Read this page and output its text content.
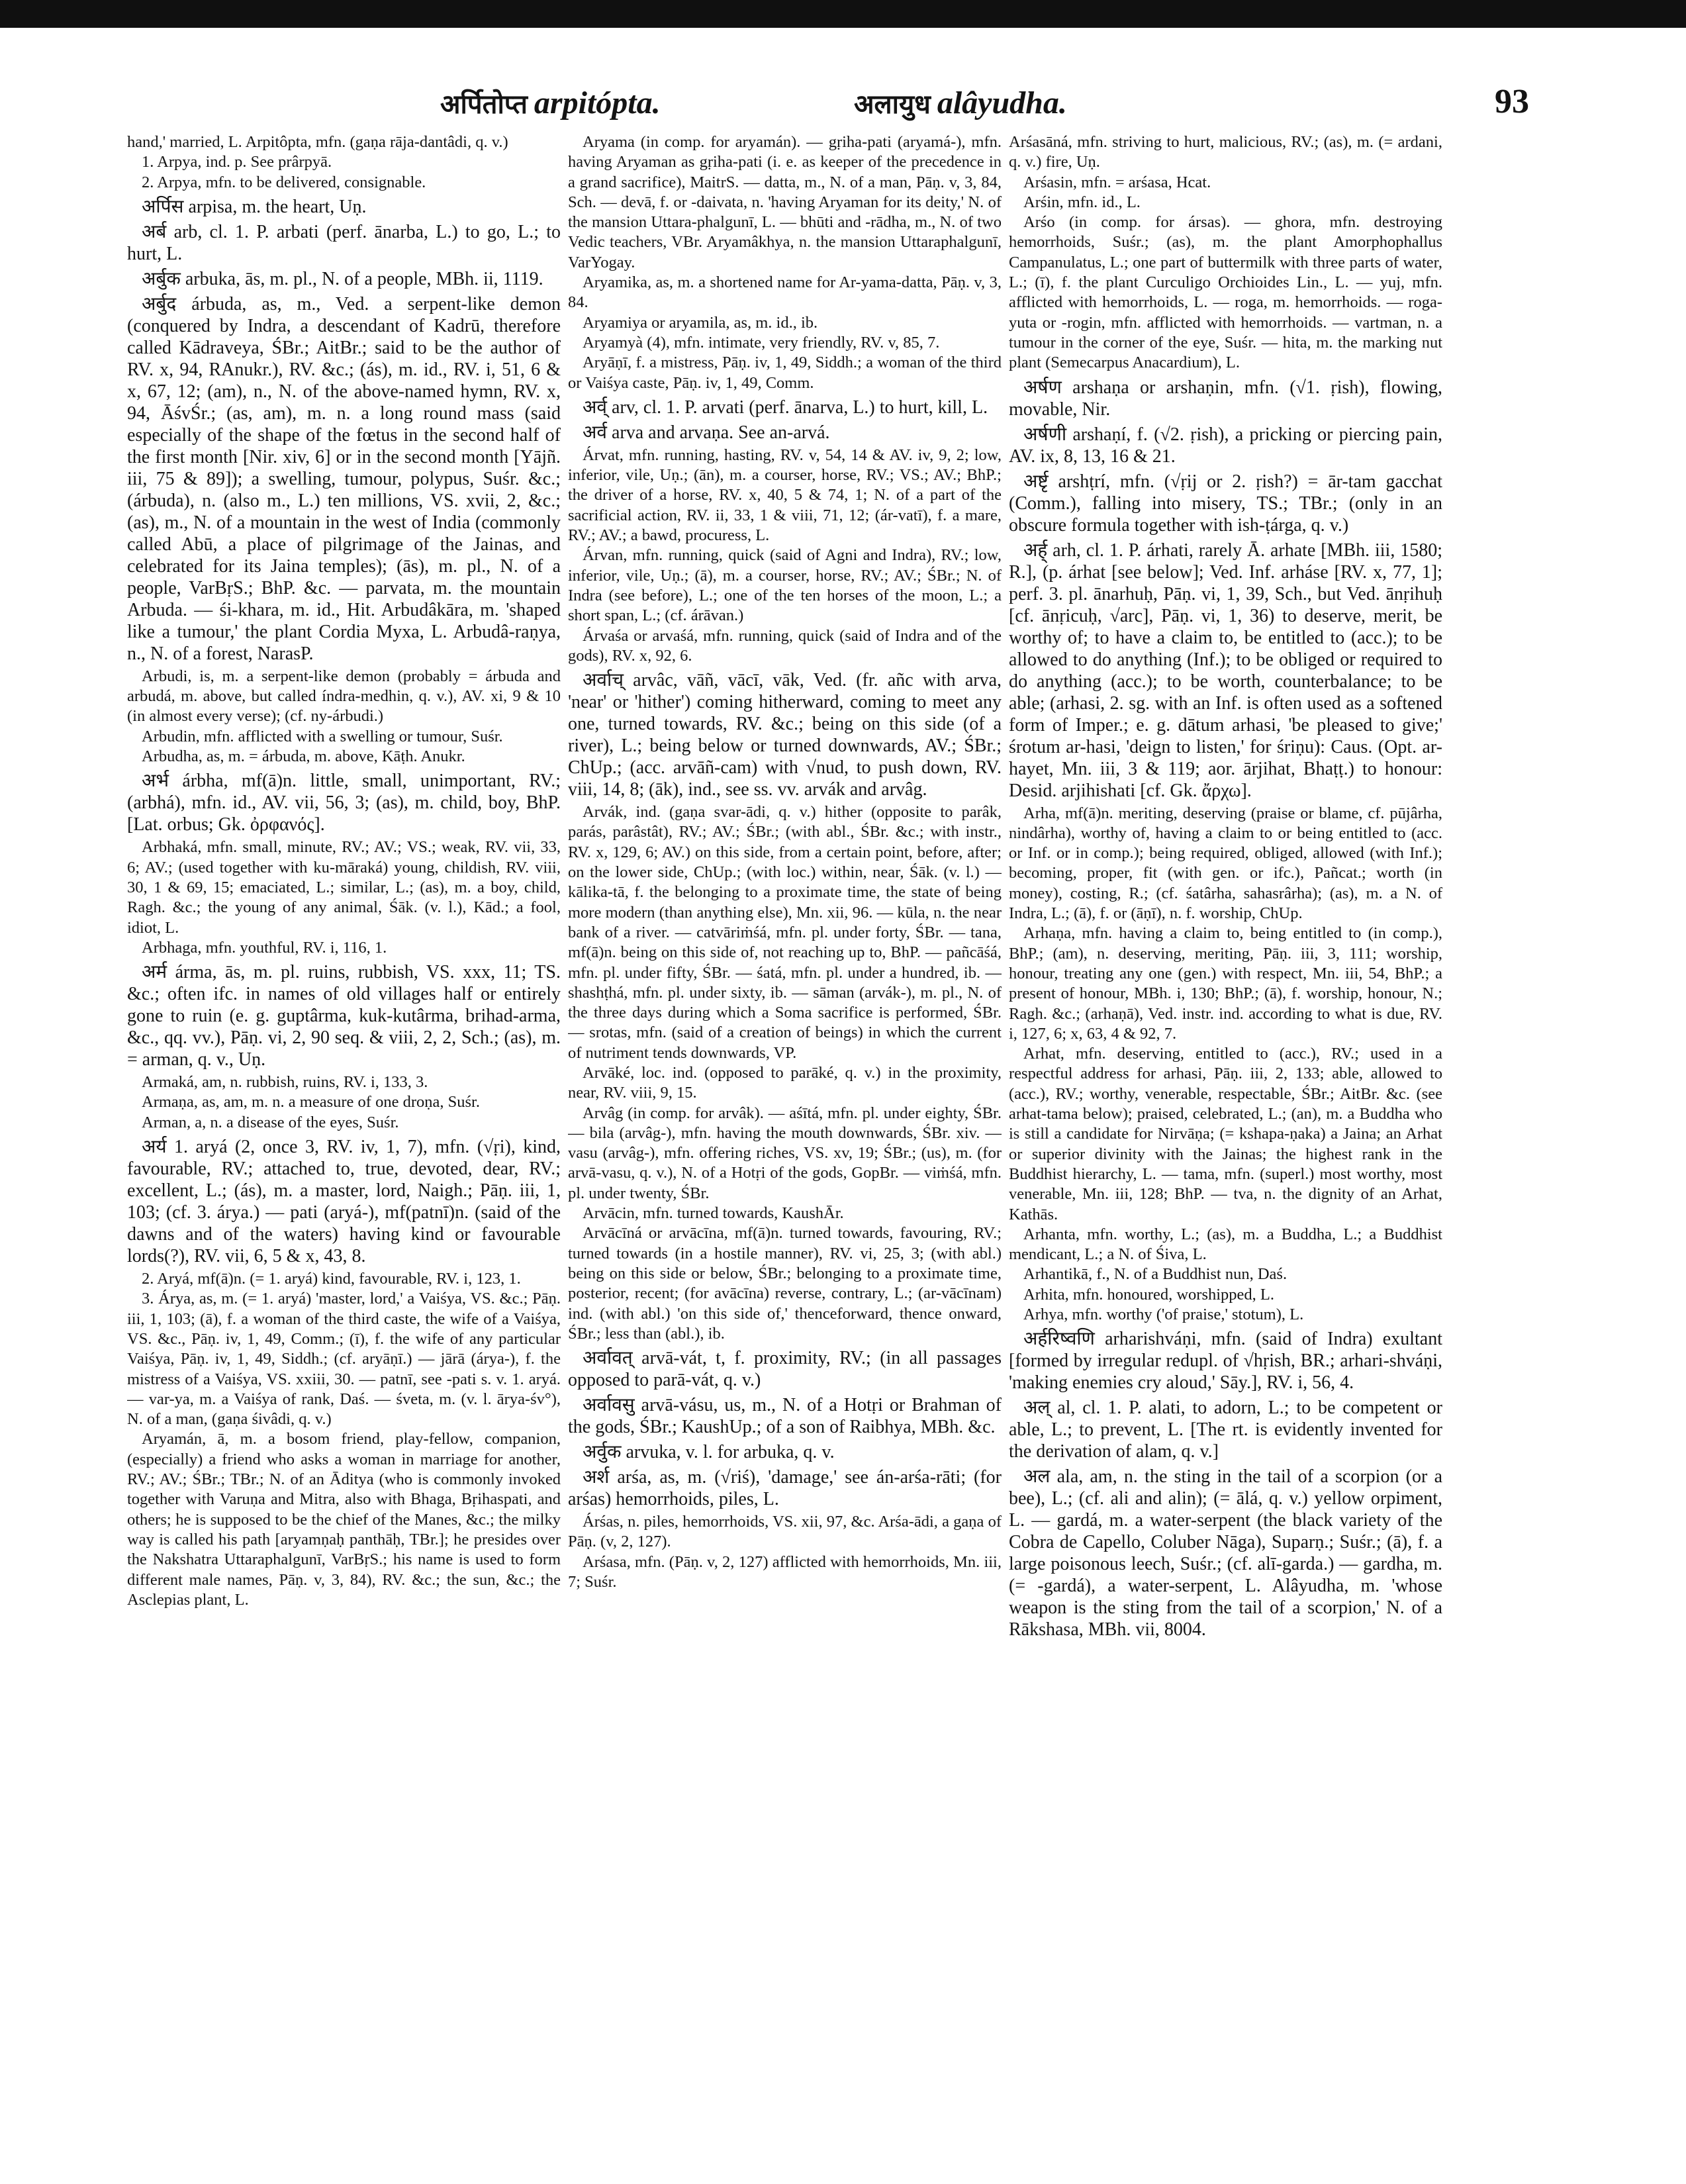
अर्पितोप्त arpitópta.	अलायुध alâyudha.	93

hand,' married, L. Arpitôpta, mfn. (gaṇa rāja-dantâdi, q. v.)

1. Arpya, ind. p. See prârpyā.

2. Arpya, mfn. to be delivered, consignable.

अर्पिस arpisa, m. the heart, Uṇ.

अर्ब arb, cl. 1. P. arbati (perf. ānarba, L.) to go, L.; to hurt, L.

अर्बुक arbuka, ās, m. pl., N. of a people, MBh. ii, 1119.

अर्बुद árbuda, as, m., Ved. a serpent-like demon (conquered by Indra, a descendant of Kadrū, therefore called Kādraveya, ŚBr.; AitBr.; said to be the author of RV. x, 94, RAnukr.), RV. &c.; (ás), m. id., RV. i, 51, 6 & x, 67, 12; (am), n., N. of the above-named hymn, RV. x, 94, ĀśvŚr.; (as, am), m. n. a long round mass (said especially of the shape of the fœtus in the second half of the first month [Nir. xiv, 6] or in the second month [Yājñ. iii, 75 & 89]); a swelling, tumour, polypus, Suśr. &c.; (árbuda), n. (also m., L.) ten millions, VS. xvii, 2, &c.; (as), m., N. of a mountain in the west of India (commonly called Abū, a place of pilgrimage of the Jainas, and celebrated for its Jaina temples); (ās), m. pl., N. of a people, VarBṛS.; BhP. &c. — parvata, m. the mountain Arbuda. — śi-khara, m. id., Hit. Arbudâkāra, m. 'shaped like a tumour,' the plant Cordia Myxa, L. Arbudâ-raṇya, n., N. of a forest, NarasP.

Arbudi, is, m. a serpent-like demon (probably = árbuda and arbudá, m. above, but called índra-medhin, q. v.), AV. xi, 9 & 10 (in almost every verse); (cf. ny-árbudi.)

Arbudin, mfn. afflicted with a swelling or tumour, Suśr.

Arbudha, as, m. = árbuda, m. above, Kāṭh. Anukr.

अर्भ árbha, mf(ā)n. little, small, unimportant, RV.; (arbhá), mfn. id., AV. vii, 56, 3; (as), m. child, boy, BhP. [Lat. orbus; Gk. ὀρφανός].

Arbhaká, mfn. small, minute, RV.; AV.; VS.; weak, RV. vii, 33, 6; AV.; (used together with ku-māraká) young, childish, RV. viii, 30, 1 & 69, 15; emaciated, L.; similar, L.; (as), m. a boy, child, Ragh. &c.; the young of any animal, Śāk. (v. l.), Kād.; a fool, idiot, L.

Arbhaga, mfn. youthful, RV. i, 116, 1.

अर्म árma, ās, m. pl. ruins, rubbish, VS. xxx, 11; TS. &c.; often ifc. in names of old villages half or entirely gone to ruin (e. g. guptârma, kuk-kutârma, brihad-arma, &c., qq. vv.), Pāṇ. vi, 2, 90 seq. & viii, 2, 2, Sch.; (as), m. = arman, q. v., Uṇ.

Armaká, am, n. rubbish, ruins, RV. i, 133, 3.

Armaṇa, as, am, m. n. a measure of one droṇa, Suśr.

Arman, a, n. a disease of the eyes, Suśr.

अर्य 1. aryá (2, once 3, RV. iv, 1, 7), mfn. (√ṛi), kind, favourable, RV.; attached to, true, devoted, dear, RV.; excellent, L.; (ás), m. a master, lord, Naigh.; Pāṇ. iii, 1, 103; (cf. 3. árya.) — pati (aryá-), mf(patnī)n. (said of the dawns and of the waters) having kind or favourable lords(?), RV. vii, 6, 5 & x, 43, 8.

2. Aryá, mf(ā)n. (= 1. aryá) kind, favourable, RV. i, 123, 1.

3. Árya, as, m. (= 1. aryá) 'master, lord,' a Vaiśya, VS. &c.; Pāṇ. iii, 1, 103; (ā), f. a woman of the third caste, the wife of a Vaiśya, VS. &c., Pāṇ. iv, 1, 49, Comm.; (ī), f. the wife of any particular Vaiśya, Pāṇ. iv, 1, 49, Siddh.; (cf. aryāṇī.) — jārā (árya-), f. the mistress of a Vaiśya, VS. xxiii, 30. — patnī, see -pati s. v. 1. aryá. — var-ya, m. a Vaiśya of rank, Daś. — śveta, m. (v. l. ārya-śv°), N. of a man, (gaṇa śivâdi, q. v.)

Aryamán, ā, m. a bosom friend, play-fellow, companion, (especially) a friend who asks a woman in marriage for another, RV.; AV.; ŚBr.; TBr.; N. of an Āditya (who is commonly invoked together with Varuṇa and Mitra, also with Bhaga, Bṛihaspati, and others; he is supposed to be the chief of the Manes, &c.; the milky way is called his path [aryamṇaḥ panthāḥ, TBr.]; he presides over the Nakshatra Uttaraphalgunī, VarBṛS.; his name is used to form different male names, Pāṇ. v, 3, 84), RV. &c.; the sun, &c.; the Asclepias plant, L.

Aryama (in comp. for aryamán). — gṛiha-pati (aryamá-), mfn. having Aryaman as gṛiha-pati (i. e. as keeper of the precedence in a grand sacrifice), MaitrS. — datta, m., N. of a man, Pāṇ. v, 3, 84, Sch. — devā, f. or -daivata, n. 'having Aryaman for its deity,' N. of the mansion Uttara-phalgunī, L. — bhūti and -rādha, m., N. of two Vedic teachers, VBr. Aryamâkhya, n. the mansion Uttaraphalgunī, VarYogay.

Aryamika, as, m. a shortened name for Ar-yama-datta, Pāṇ. v, 3, 84.

Aryamiya or aryamila, as, m. id., ib.

Aryamyà (4), mfn. intimate, very friendly, RV. v, 85, 7.

Aryāṇī, f. a mistress, Pāṇ. iv, 1, 49, Siddh.; a woman of the third or Vaiśya caste, Pāṇ. iv, 1, 49, Comm.

अर्व् arv, cl. 1. P. arvati (perf. ānarva, L.) to hurt, kill, L.

अर्व arva and arvaṇa. See an-arvá.

Árvat, mfn. running, hasting, RV. v, 54, 14 & AV. iv, 9, 2; low, inferior, vile, Uṇ.; (ān), m. a courser, horse, RV.; VS.; AV.; BhP.; the driver of a horse, RV. x, 40, 5 & 74, 1; N. of a part of the sacrificial action, RV. ii, 33, 1 & viii, 71, 12; (ár-vatī), f. a mare, RV.; AV.; a bawd, procuress, L.

Árvan, mfn. running, quick (said of Agni and Indra), RV.; low, inferior, vile, Uṇ.; (ā), m. a courser, horse, RV.; AV.; ŚBr.; N. of Indra (see before), L.; one of the ten horses of the moon, L.; a short span, L.; (cf. árāvan.)

Árvaśa or arvaśá, mfn. running, quick (said of Indra and of the gods), RV. x, 92, 6.

अर्वाच् arvâc, vāñ, vācī, vāk, Ved. (fr. añc with arva, 'near' or 'hither') coming hitherward, coming to meet any one, turned towards, RV. &c.; being on this side (of a river), L.; being below or turned downwards, AV.; ŚBr.; ChUp.; (acc. arvāñ-cam) with √nud, to push down, RV. viii, 14, 8; (āk), ind., see ss. vv. arvák and arvâg.

Arvák, ind. (gaṇa svar-ādi, q. v.) hither (opposite to parâk, parás, parâstât), RV.; AV.; ŚBr.; (with abl., ŚBr. &c.; with instr., RV. x, 129, 6; AV.) on this side, from a certain point, before, after; on the lower side, ChUp.; (with loc.) within, near, Śāk. (v. l.) — kālika-tā, f. the belonging to a proximate time, the state of being more modern (than anything else), Mn. xii, 96. — kūla, n. the near bank of a river. — catvāriṁśá, mfn. pl. under forty, ŚBr. — tana, mf(ā)n. being on this side of, not reaching up to, BhP. — pañcāśá, mfn. pl. under fifty, ŚBr. — śatá, mfn. pl. under a hundred, ib. — shashṭhá, mfn. pl. under sixty, ib. — sāman (arvák-), m. pl., N. of the three days during which a Soma sacrifice is performed, ŚBr. — srotas, mfn. (said of a creation of beings) in which the current of nutriment tends downwards, VP.

Arvāké, loc. ind. (opposed to parāké, q. v.) in the proximity, near, RV. viii, 9, 15.

Arvâg (in comp. for arvâk). — aśītá, mfn. pl. under eighty, ŚBr. — bila (arvâg-), mfn. having the mouth downwards, ŚBr. xiv. — vasu (arvâg-), mfn. offering riches, VS. xv, 19; ŚBr.; (us), m. (for arvā-vasu, q. v.), N. of a Hotṛi of the gods, GopBr. — viṁśá, mfn. pl. under twenty, ŚBr.

Arvācin, mfn. turned towards, KaushĀr.

Arvācīná or arvācīna, mf(ā)n. turned towards, favouring, RV.; turned towards (in a hostile manner), RV. vi, 25, 3; (with abl.) being on this side or below, ŚBr.; belonging to a proximate time, posterior, recent; (for avācīna) reverse, contrary, L.; (ar-vācīnam) ind. (with abl.) 'on this side of,' thenceforward, thence onward, ŚBr.; less than (abl.), ib.

अर्वावत् arvā-vát, t, f. proximity, RV.; (in all passages opposed to parā-vát, q. v.)

अर्वावसु arvā-vásu, us, m., N. of a Hotṛi or Brahman of the gods, ŚBr.; KaushUp.; of a son of Raibhya, MBh. &c.

अर्वुक arvuka, v. l. for arbuka, q. v.

अर्श arśa, as, m. (√riś), 'damage,' see án-arśa-rāti; (for arśas) hemorrhoids, piles, L.

Árśas, n. piles, hemorrhoids, VS. xii, 97, &c. Arśa-ādi, a gaṇa of Pāṇ. (v, 2, 127).

Arśasa, mfn. (Pāṇ. v, 2, 127) afflicted with hemorrhoids, Mn. iii, 7; Suśr.

Arśasāná, mfn. striving to hurt, malicious, RV.; (as), m. (= ardani, q. v.) fire, Uṇ.

Arśasin, mfn. = arśasa, Hcat.

Arśin, mfn. id., L.

Arśo (in comp. for ársas). — ghora, mfn. destroying hemorrhoids, Suśr.; (as), m. the plant Amorphophallus Campanulatus, L.; one part of buttermilk with three parts of water, L.; (ī), f. the plant Curculigo Orchioides Lin., L. — yuj, mfn. afflicted with hemorrhoids, L. — roga, m. hemorrhoids. — roga-yuta or -rogin, mfn. afflicted with hemorrhoids. — vartman, n. a tumour in the corner of the eye, Suśr. — hita, m. the marking nut plant (Semecarpus Anacardium), L.

अर्षण arshaṇa or arshaṇin, mfn. (√1. ṛish), flowing, movable, Nir.

अर्षणी arshaṇí, f. (√2. ṛish), a pricking or piercing pain, AV. ix, 8, 13, 16 & 21.

अर्ष्टृ arshṭrí, mfn. (√ṛij or 2. ṛish?) = ār-tam gacchat (Comm.), falling into misery, TS.; TBr.; (only in an obscure formula together with ish-ṭárga, q. v.)

अर्ह् arh, cl. 1. P. árhati, rarely Ā. arhate [MBh. iii, 1580; R.], (p. árhat [see below]; Ved. Inf. arháse [RV. x, 77, 1]; perf. 3. pl. ānarhuḥ, Pāṇ. vi, 1, 39, Sch., but Ved. ānṛihuḥ [cf. ānṛicuḥ, √arc], Pāṇ. vi, 1, 36) to deserve, merit, be worthy of; to have a claim to, be entitled to (acc.); to be allowed to do anything (Inf.); to be obliged or required to do anything (acc.); to be worth, counterbalance; to be able; (arhasi, 2. sg. with an Inf. is often used as a softened form of Imper.; e. g. dātum arhasi, 'be pleased to give;' śrotum ar-hasi, 'deign to listen,' for śriṇu): Caus. (Opt. ar-hayet, Mn. iii, 3 & 119; aor. ārjihat, Bhaṭṭ.) to honour: Desid. arjihishati [cf. Gk. ἄρχω].

Arha, mf(ā)n. meriting, deserving (praise or blame, cf. pūjârha, nindârha), worthy of, having a claim to or being entitled to (acc. or Inf. or in comp.); being required, obliged, allowed (with Inf.); becoming, proper, fit (with gen. or ifc.), Pañcat.; worth (in money), costing, R.; (cf. śatârha, sahasrârha); (as), m. a N. of Indra, L.; (ā), f. or (āṇī), n. f. worship, ChUp.

Arhaṇa, mfn. having a claim to, being entitled to (in comp.), BhP.; (am), n. deserving, meriting, Pāṇ. iii, 3, 111; worship, honour, treating any one (gen.) with respect, Mn. iii, 54, BhP.; a present of honour, MBh. i, 130; BhP.; (ā), f. worship, honour, N.; Ragh. &c.; (arhaṇā), Ved. instr. ind. according to what is due, RV. i, 127, 6; x, 63, 4 & 92, 7.

Arhat, mfn. deserving, entitled to (acc.), RV.; used in a respectful address for arhasi, Pāṇ. iii, 2, 133; able, allowed to (acc.), RV.; worthy, venerable, respectable, ŚBr.; AitBr. &c. (see arhat-tama below); praised, celebrated, L.; (an), m. a Buddha who is still a candidate for Nirvāṇa; (= kshapa-ṇaka) a Jaina; an Arhat or superior divinity with the Jainas; the highest rank in the Buddhist hierarchy, L. — tama, mfn. (superl.) most worthy, most venerable, Mn. iii, 128; BhP. — tva, n. the dignity of an Arhat, Kathās.

Arhanta, mfn. worthy, L.; (as), m. a Buddha, L.; a Buddhist mendicant, L.; a N. of Śiva, L.

Arhantikā, f., N. of a Buddhist nun, Daś.

Arhita, mfn. honoured, worshipped, L.

Arhya, mfn. worthy ('of praise,' stotum), L.

अर्हरिष्वणि arharishváṇi, mfn. (said of Indra) exultant [formed by irregular redupl. of √hṛish, BR.; arhari-shváṇi, 'making enemies cry aloud,' Sāy.], RV. i, 56, 4.

अल् al, cl. 1. P. alati, to adorn, L.; to be competent or able, L.; to prevent, L. [The rt. is evidently invented for the derivation of alam, q. v.]

अल ala, am, n. the sting in the tail of a scorpion (or a bee), L.; (cf. ali and alin); (= ālá, q. v.) yellow orpiment, L. — gardá, m. a water-serpent (the black variety of the Cobra de Capello, Coluber Nāga), Suparṇ.; Suśr.; (ā), f. a large poisonous leech, Suśr.; (cf. alī-garda.) — gardha, m. (= -gardá), a water-serpent, L. Alâyudha, m. 'whose weapon is the sting from the tail of a scorpion,' N. of a Rākshasa, MBh. vii, 8004.
